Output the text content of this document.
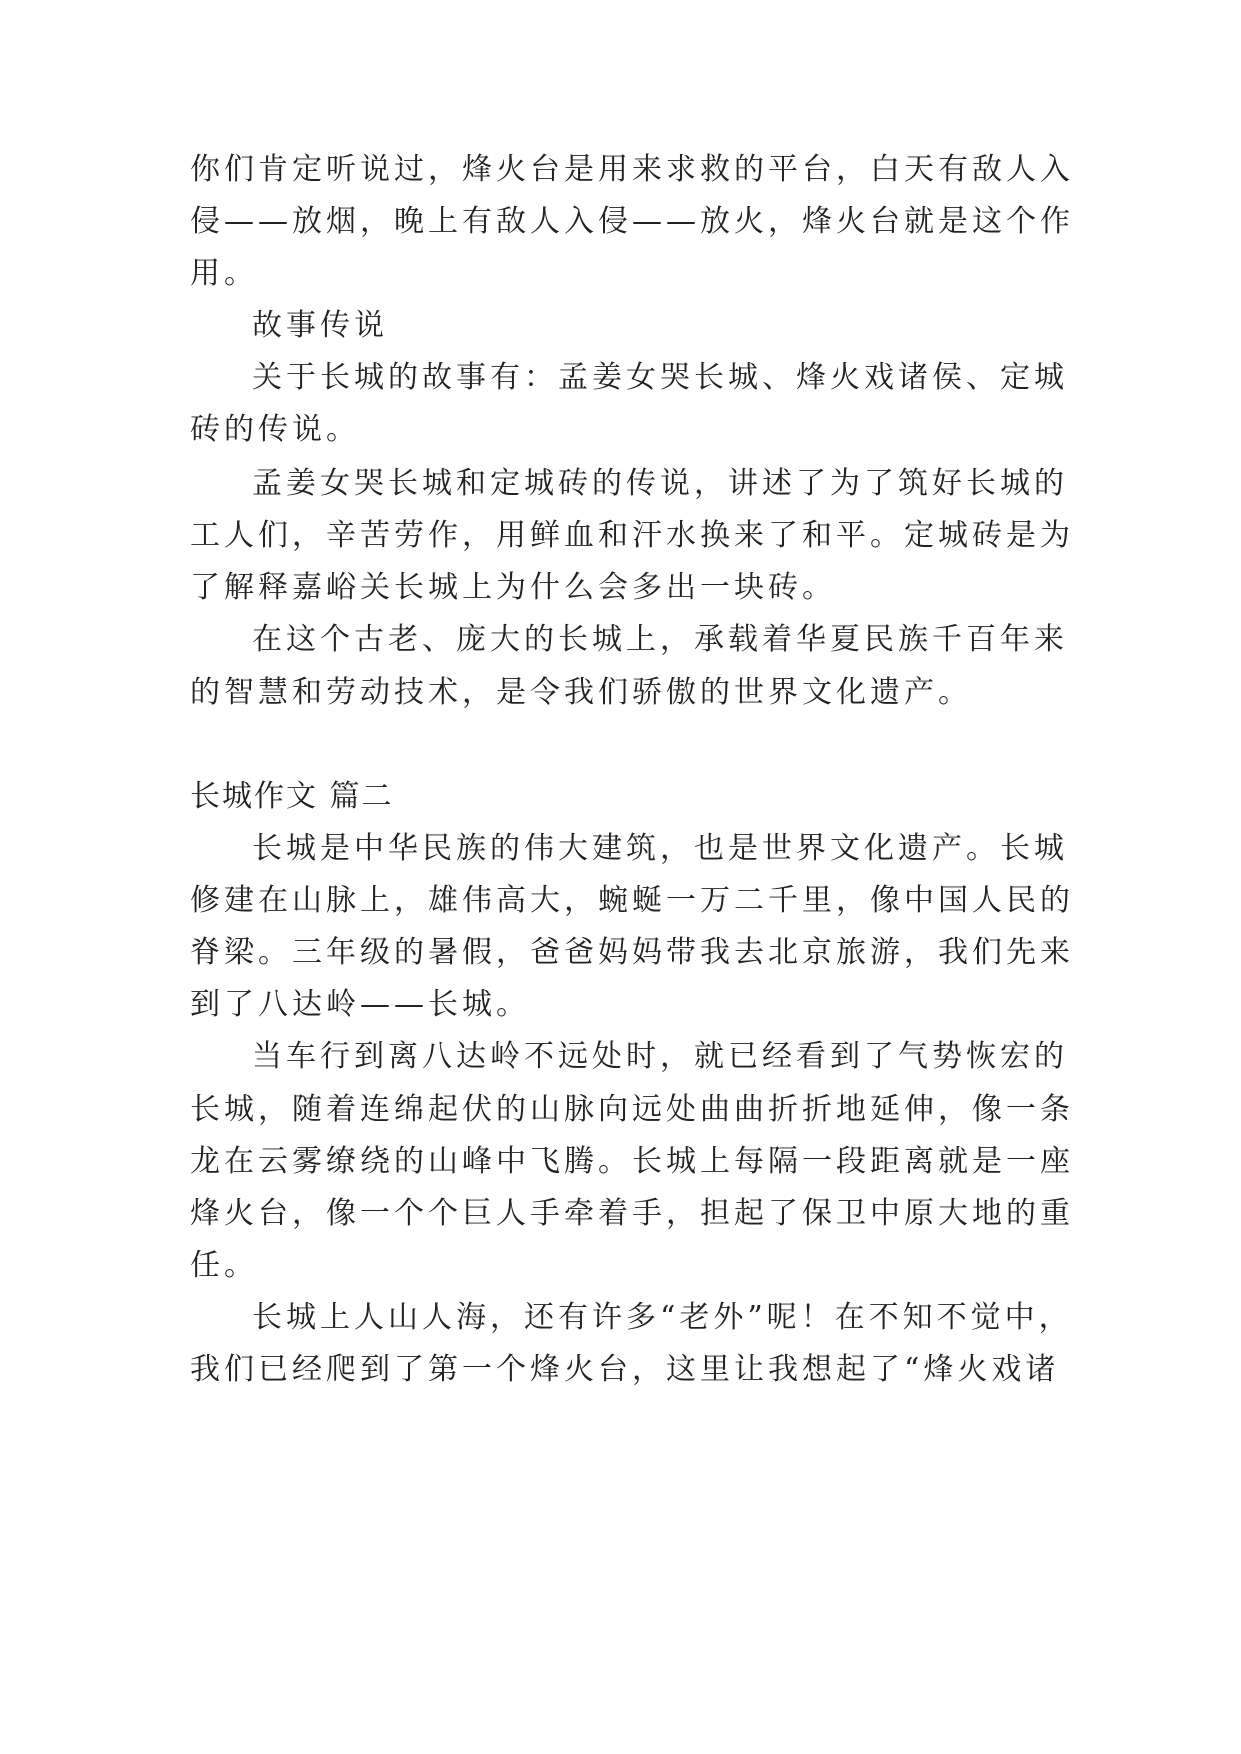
你们肯定听说过，烽火台是用来求救的平台，白天有敌人入

侵——放烟，晚上有敌人入侵——放火，烽火台就是这个作

用。

故事传说

关于长城的故事有：孟姜女哭长城、烽火戏诸侯、定城

砖的传说。

孟姜女哭长城和定城砖的传说，讲述了为了筑好长城的

工人们，辛苦劳作，用鲜血和汗水换来了和平。定城砖是为

了解释嘉峪关长城上为什么会多出一块砖。

在这个古老、庞大的长城上，承载着华夏民族千百年来

的智慧和劳动技术，是令我们骄傲的世界文化遗产。

长城作文 篇二

长城是中华民族的伟大建筑，也是世界文化遗产。长城

修建在山脉上，雄伟高大，蜿蜒一万二千里，像中国人民的

脊梁。三年级的暑假，爸爸妈妈带我去北京旅游，我们先来

到了八达岭——长城。

当车行到离八达岭不远处时，就已经看到了气势恢宏的

长城，随着连绵起伏的山脉向远处曲曲折折地延伸，像一条

龙在云雾缭绕的山峰中飞腾。长城上每隔一段距离就是一座

烽火台，像一个个巨人手牵着手，担起了保卫中原大地的重

任。

长城上人山人海，还有许多“老外”呢！在不知不觉中，

我们已经爬到了第一个烽火台，这里让我想起了“烽火戏诸
